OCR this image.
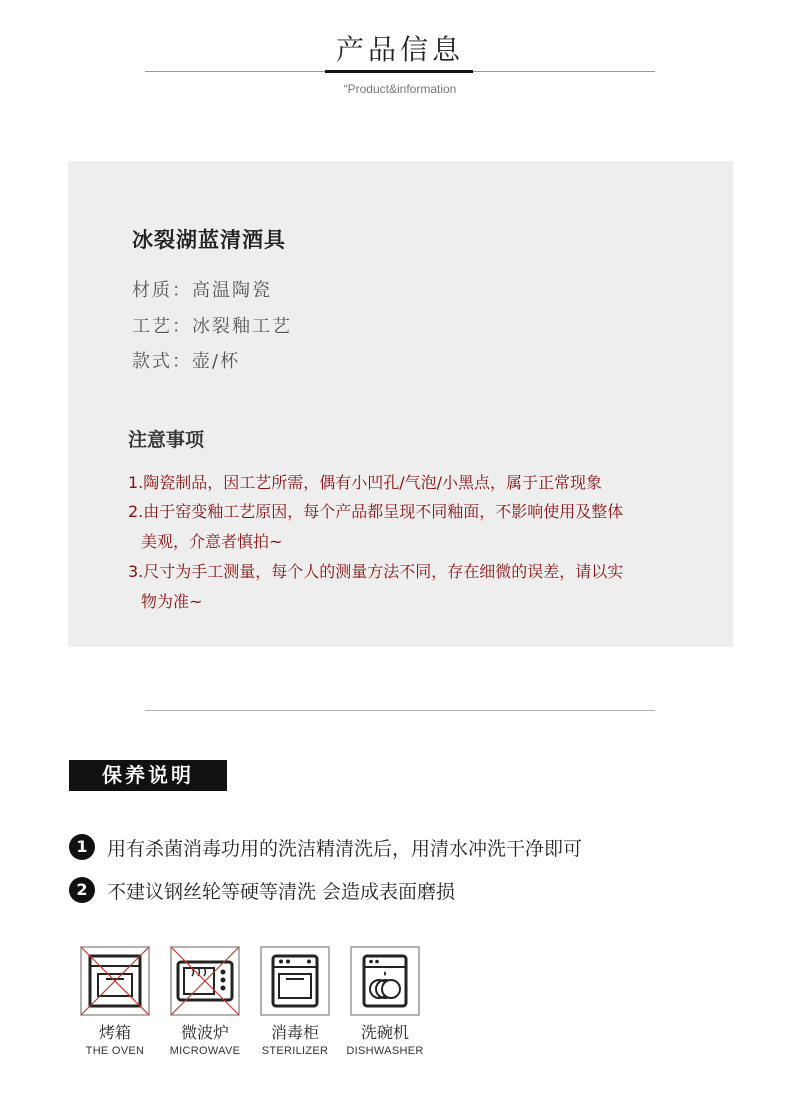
产品信息
“Product&information
冰裂湖蓝清酒具
材质：高温陶瓷
工艺：冰裂釉工艺
款式：壶/杯
注意事项
1.陶瓷制品，因工艺所需，偶有小凹孔/气泡/小黑点，属于正常现象
2.由于窑变釉工艺原因，每个产品都呈现不同釉面，不影响使用及整体
美观，介意者慎拍~
3.尺寸为手工测量，每个人的测量方法不同，存在细微的误差，请以实
物为准~
保养说明
1	用有杀菌消毒功用的洗洁精清洗后，用清水冲洗干净即可
2	不建议钢丝轮等硬等清洗 会造成表面磨损
烤箱
THE OVEN
微波炉
MICROWAVE
消毒柜
STERILIZER
洗碗机
DISHWASHER
